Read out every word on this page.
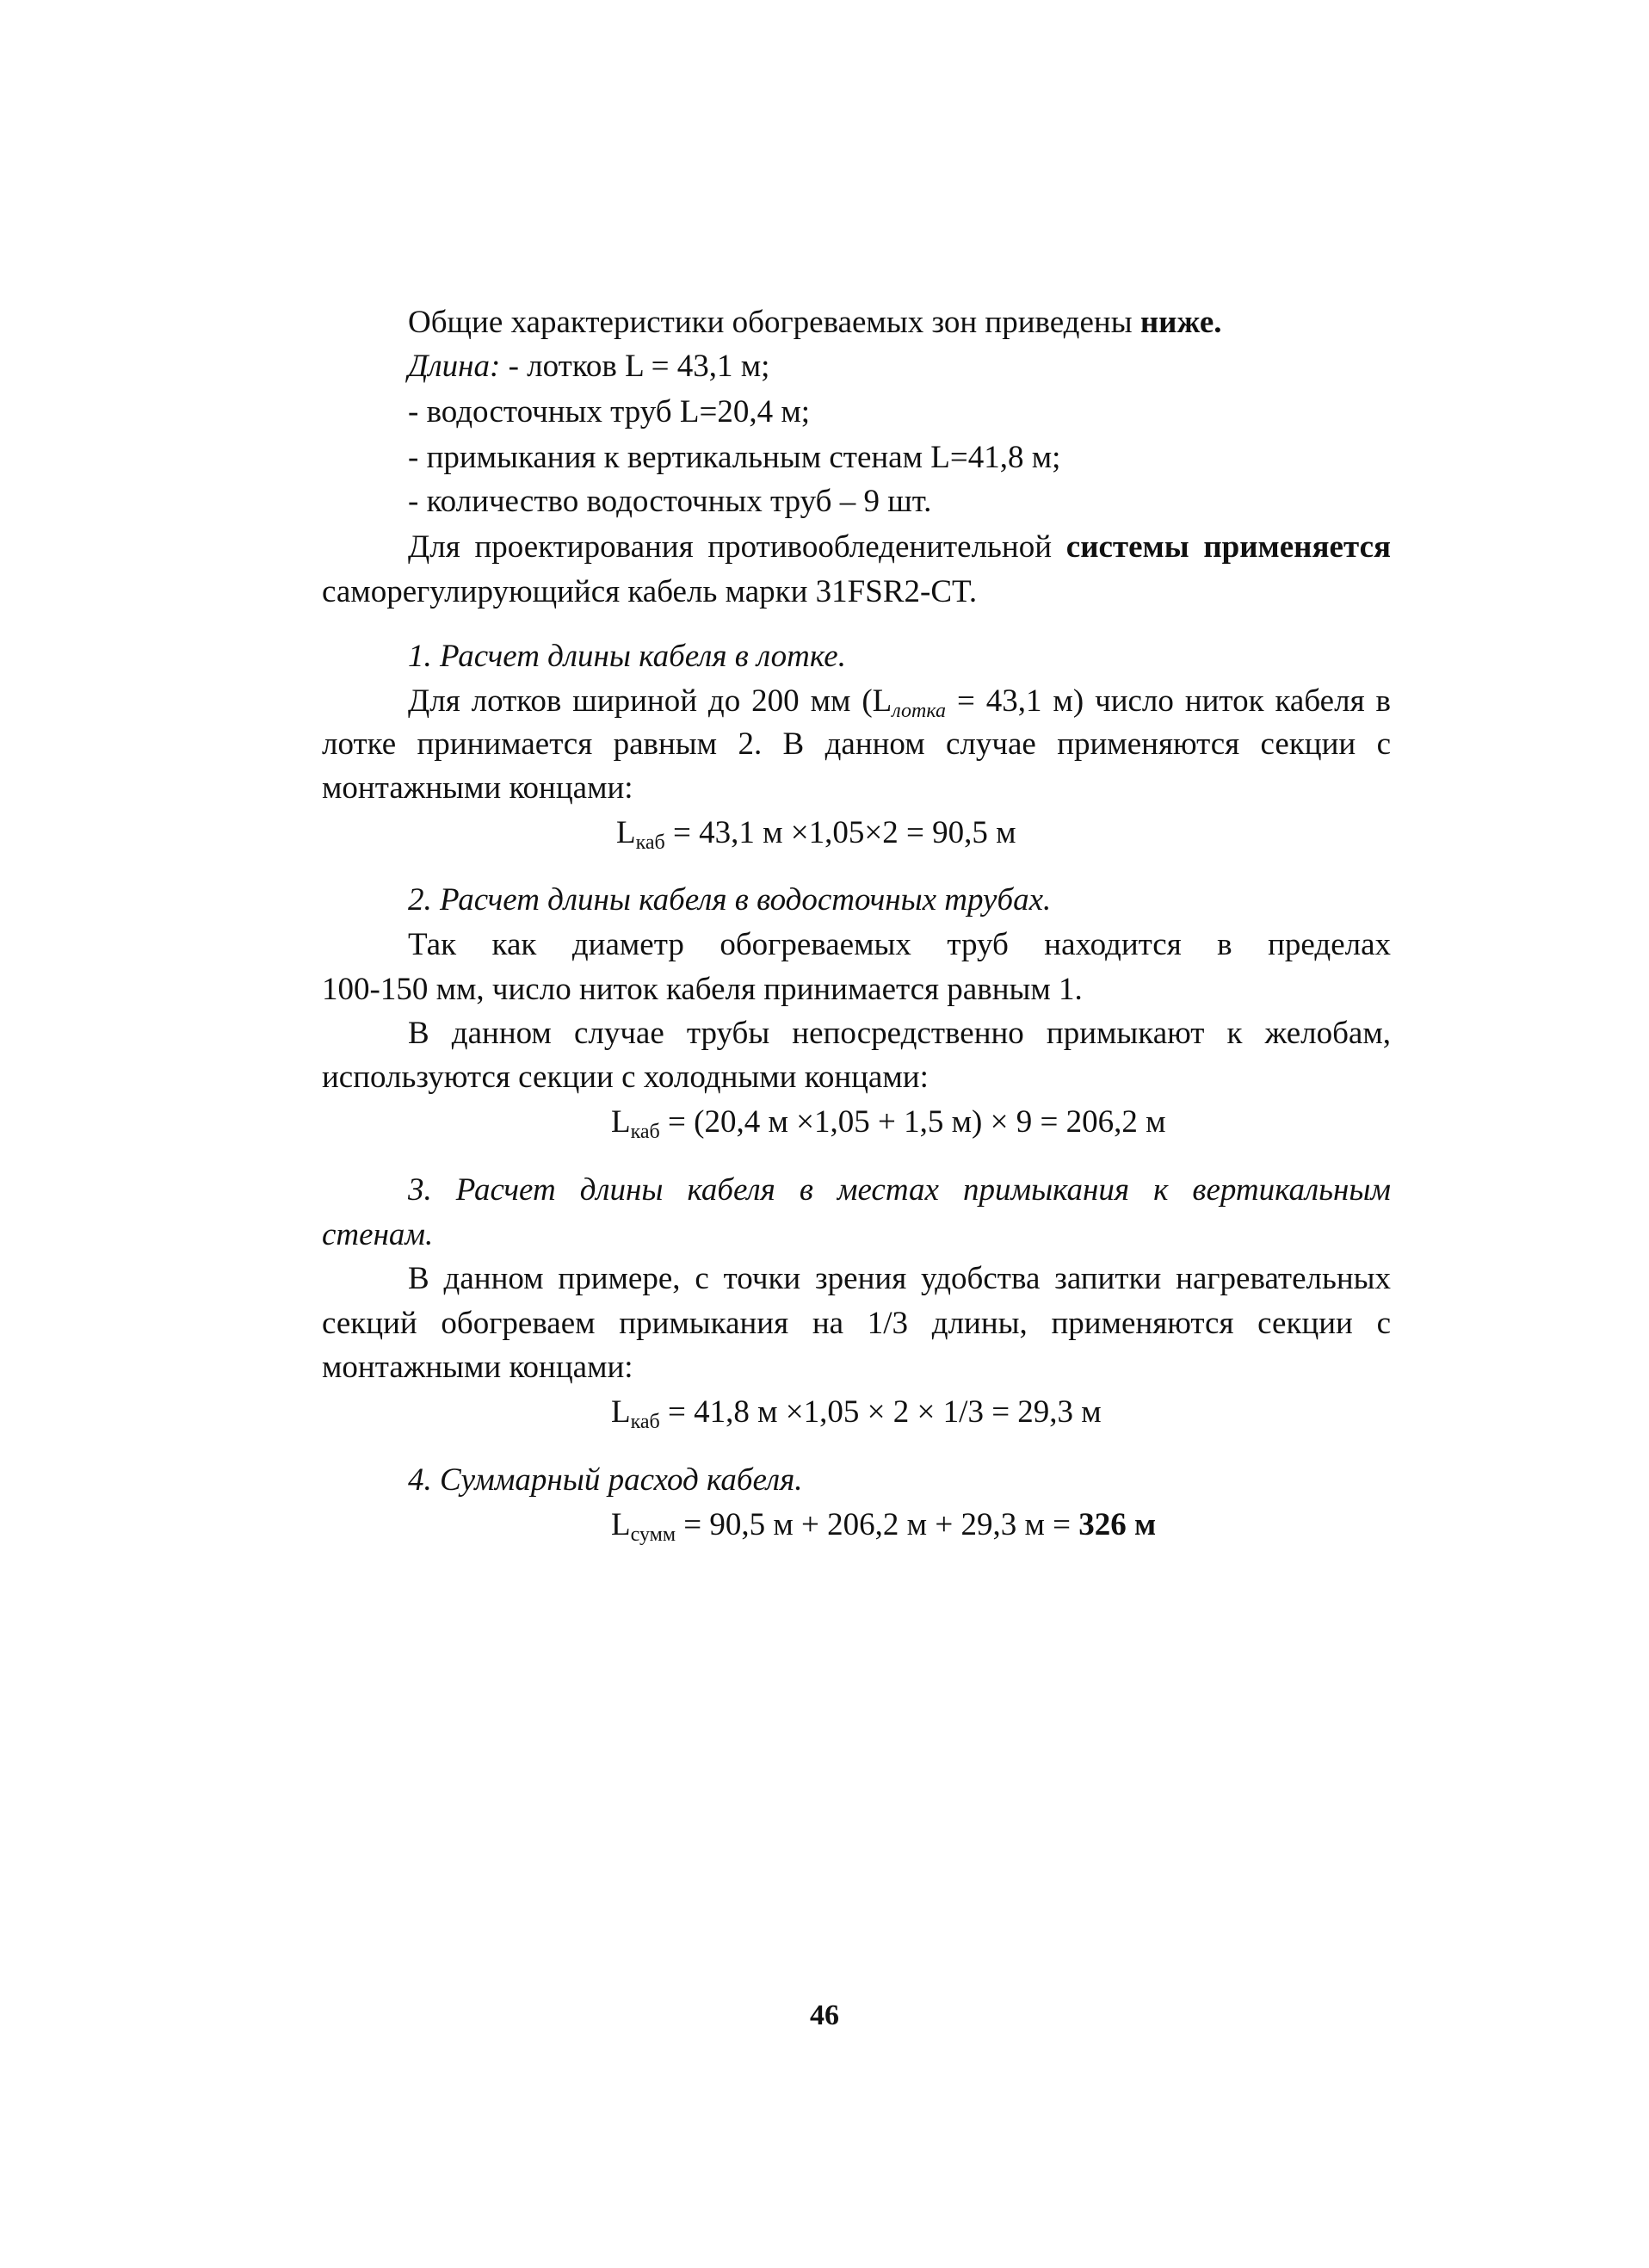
Общие характеристики обогреваемых зон приведены ниже.
Длина: - лотков L = 43,1 м;
- водосточных труб L=20,4 м;
- примыкания к вертикальным стенам L=41,8 м;
- количество водосточных труб – 9 шт.
Для проектирования противообледенительной системы применяется
саморегулирующийся кабель марки 31FSR2-CT.
1. Расчет длины кабеля в лотке.
Для лотков шириной до 200 мм ($L_{лотка} = 43,1$ м) число ниток кабеля в
лотке принимается равным 2. В данном случае применяются секции с
монтажными концами:
$L_{каб} = 43,1$ м ×1,05×2 = 90,5 м
2. Расчет длины кабеля в водосточных трубах.
Так как диаметр обогреваемых труб находится в пределах
100-150 мм, число ниток кабеля принимается равным 1.
В данном случае трубы непосредственно примыкают к желобам,
используются секции с холодными концами:
$L_{каб} = (20,4$ м ×1,05 + 1,5 м) × 9 = 206,2 м
3. Расчет длины кабеля в местах примыкания к вертикальным
стенам.
В данном примере, с точки зрения удобства запитки нагревательных
секций обогреваем примыкания на 1/3 длины, применяются секции с
монтажными концами:
$L_{каб} = 41,8$ м ×1,05 × 2 × 1/3 = 29,3 м
4. Суммарный расход кабеля.
$L_{сумм} = 90,5$ м + 206,2 м + 29,3 м = 326 м
46
